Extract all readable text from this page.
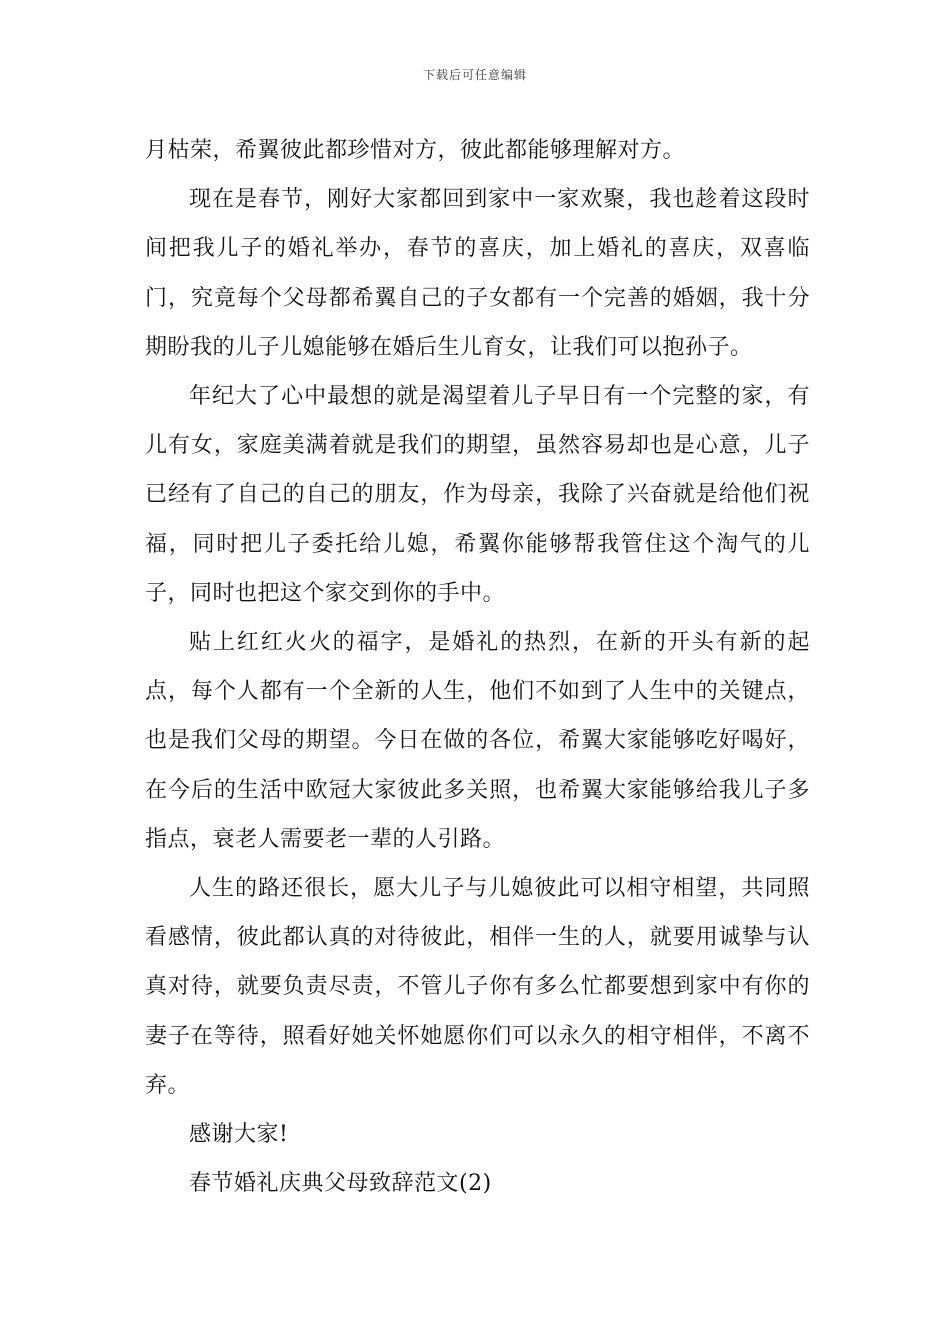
下载后可任意编辑

月枯荣，希翼彼此都珍惜对方，彼此都能够理解对方。

现在是春节，刚好大家都回到家中一家欢聚，我也趁着这段时间把我儿子的婚礼举办，春节的喜庆，加上婚礼的喜庆，双喜临门，究竟每个父母都希翼自己的子女都有一个完善的婚姻，我十分期盼我的儿子儿媳能够在婚后生儿育女，让我们可以抱孙子。

年纪大了心中最想的就是渴望着儿子早日有一个完整的家，有儿有女，家庭美满着就是我们的期望，虽然容易却也是心意，儿子已经有了自己的自己的朋友，作为母亲，我除了兴奋就是给他们祝福，同时把儿子委托给儿媳，希翼你能够帮我管住这个淘气的儿子，同时也把这个家交到你的手中。

贴上红红火火的福字，是婚礼的热烈，在新的开头有新的起点，每个人都有一个全新的人生，他们不如到了人生中的关键点，也是我们父母的期望。今日在做的各位，希翼大家能够吃好喝好，在今后的生活中欧冠大家彼此多关照，也希翼大家能够给我儿子多指点，衰老人需要老一辈的人引路。

人生的路还很长，愿大儿子与儿媳彼此可以相守相望，共同照看感情，彼此都认真的对待彼此，相伴一生的人，就要用诚挚与认真对待，就要负责尽责，不管儿子你有多么忙都要想到家中有你的妻子在等待，照看好她关怀她愿你们可以永久的相守相伴，不离不弃。

感谢大家!

春节婚礼庆典父母致辞范文(2)
